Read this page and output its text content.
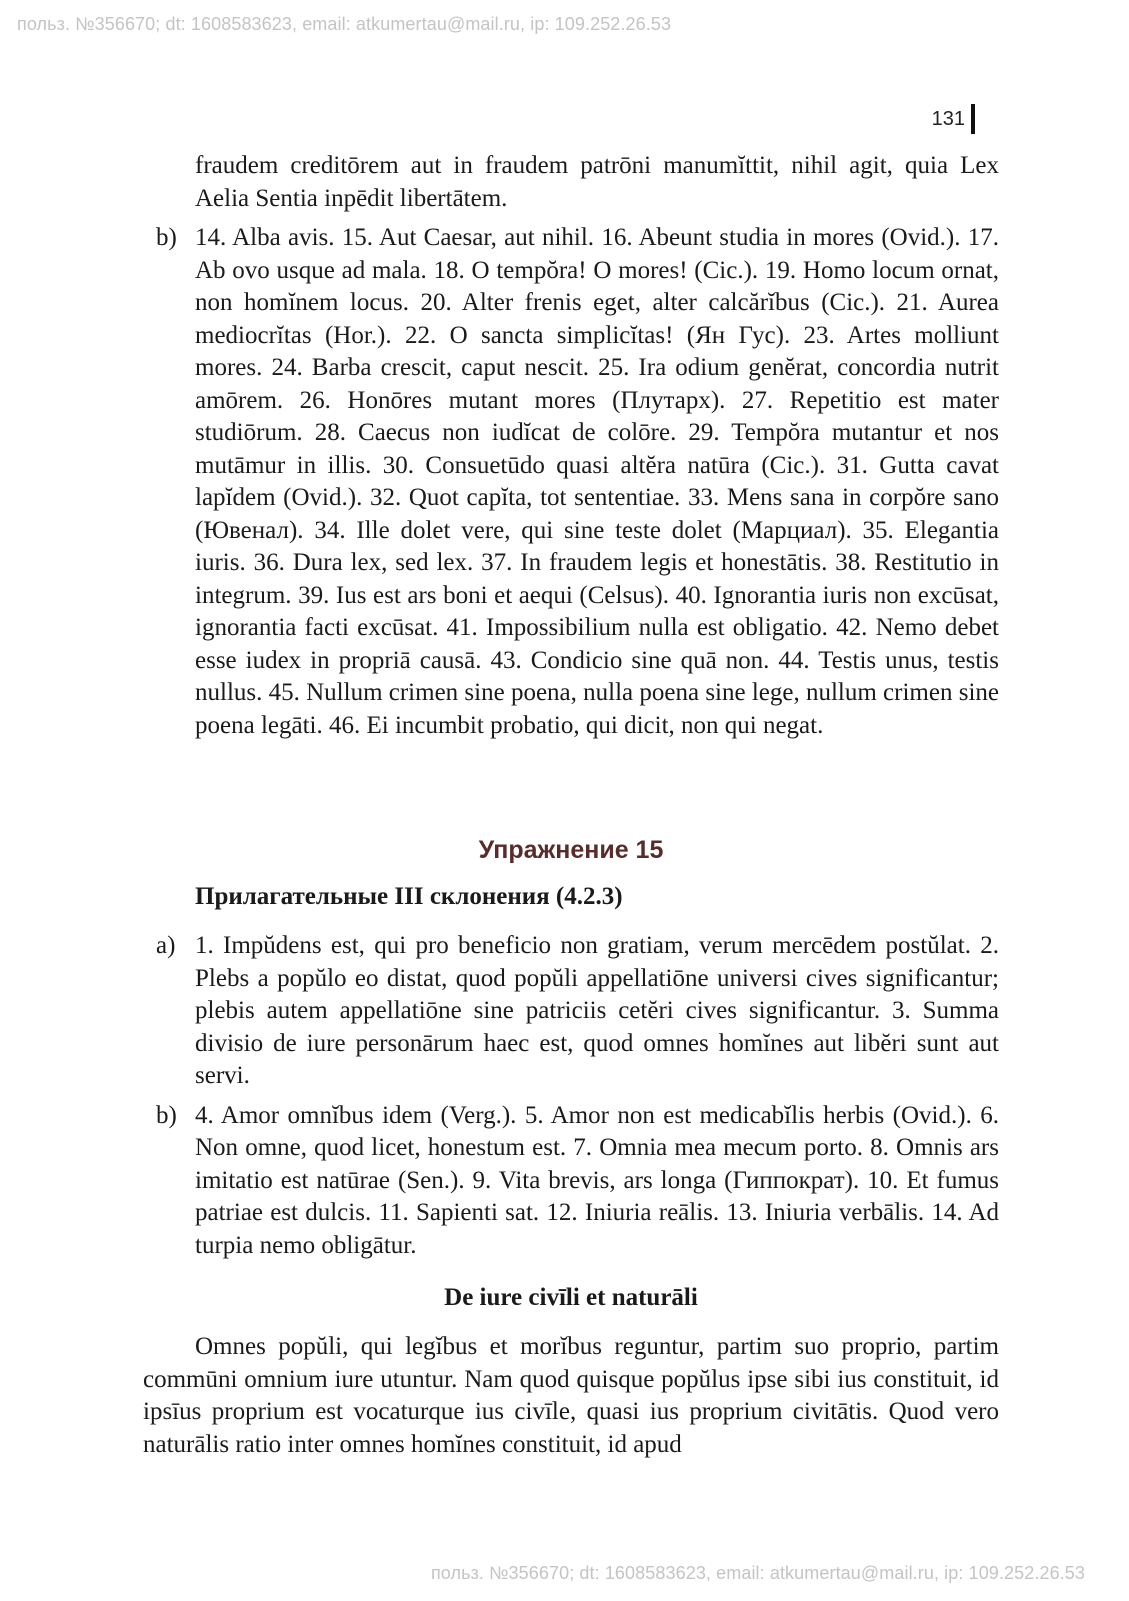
польз. №356670; dt: 1608583623, email: atkumertau@mail.ru, ip: 109.252.26.53
131
fraudem creditōrem aut in fraudem patrōni manumĭttit, nihil agit, quia Lex Aelia Sentia inpēdit libertātem.
b) 14. Alba avis. 15. Aut Caesar, aut nihil. 16. Abeunt studia in mores (Ovid.). 17. Ab ovo usque ad mala. 18. O tempŏra! O mores! (Cic.). 19. Homo locum ornat, non homĭnem locus. 20. Alter frenis eget, alter calcărĭbus (Cic.). 21. Aurea mediocrĭtas (Hor.). 22. O sancta simplicĭtas! (Ян Гус). 23. Artes molliunt mores. 24. Barba crescit, caput nescit. 25. Ira odium genĕrat, concordia nutrit amōrem. 26. Honōres mutant mores (Плутарх). 27. Repetitio est mater studiōrum. 28. Caecus non iudĭcat de colōre. 29. Tempŏra mutantur et nos mutāmur in illis. 30. Consuetūdo quasi altĕra natūra (Cic.). 31. Gutta cavat lapĭdem (Ovid.). 32. Quot capĭta, tot sententiae. 33. Mens sana in corpŏre sano (Ювенал). 34. Ille dolet vere, qui sine teste dolet (Марциал). 35. Elegantia iuris. 36. Dura lex, sed lex. 37. In fraudem legis et honestātis. 38. Restitutio in integrum. 39. Ius est ars boni et aequi (Celsus). 40. Ignorantia iuris non excūsat, ignorantia facti excūsat. 41. Impossibilium nulla est obligatio. 42. Nemo debet esse iudex in propriā causā. 43. Condicio sine quā non. 44. Testis unus, testis nullus. 45. Nullum crimen sine poena, nulla poena sine lege, nullum crimen sine poena legāti. 46. Ei incumbit probatio, qui dicit, non qui negat.
Упражнение 15
Прилагательные III склонения (4.2.3)
a) 1. Impŭdens est, qui pro beneficio non gratiam, verum mercēdem postŭlat. 2. Plebs a popŭlo eo distat, quod popŭli appellatiōne universi cives significantur; plebis autem appellatiōne sine patriciis cetĕri cives significantur. 3. Summa divisio de iure personārum haec est, quod omnes homĭnes aut libĕri sunt aut servi.
b) 4. Amor omnĭbus idem (Verg.). 5. Amor non est medicabĭlis herbis (Ovid.). 6. Non omne, quod licet, honestum est. 7. Omnia mea mecum porto. 8. Omnis ars imitatio est natūrae (Sen.). 9. Vita brevis, ars longa (Гиппократ). 10. Et fumus patriae est dulcis. 11. Sapienti sat. 12. Iniuria reālis. 13. Iniuria verbālis. 14. Ad turpia nemo obligātur.
De iure civīli et naturāli
Omnes popŭli, qui legĭbus et morĭbus reguntur, partim suo proprio, partim commūni omnium iure utuntur. Nam quod quisque popŭlus ipse sibi ius constituit, id ipsīus proprium est vocaturque ius civīle, quasi ius proprium civitātis. Quod vero naturālis ratio inter omnes homĭnes constituit, id apud
польз. №356670; dt: 1608583623, email: atkumertau@mail.ru, ip: 109.252.26.53
